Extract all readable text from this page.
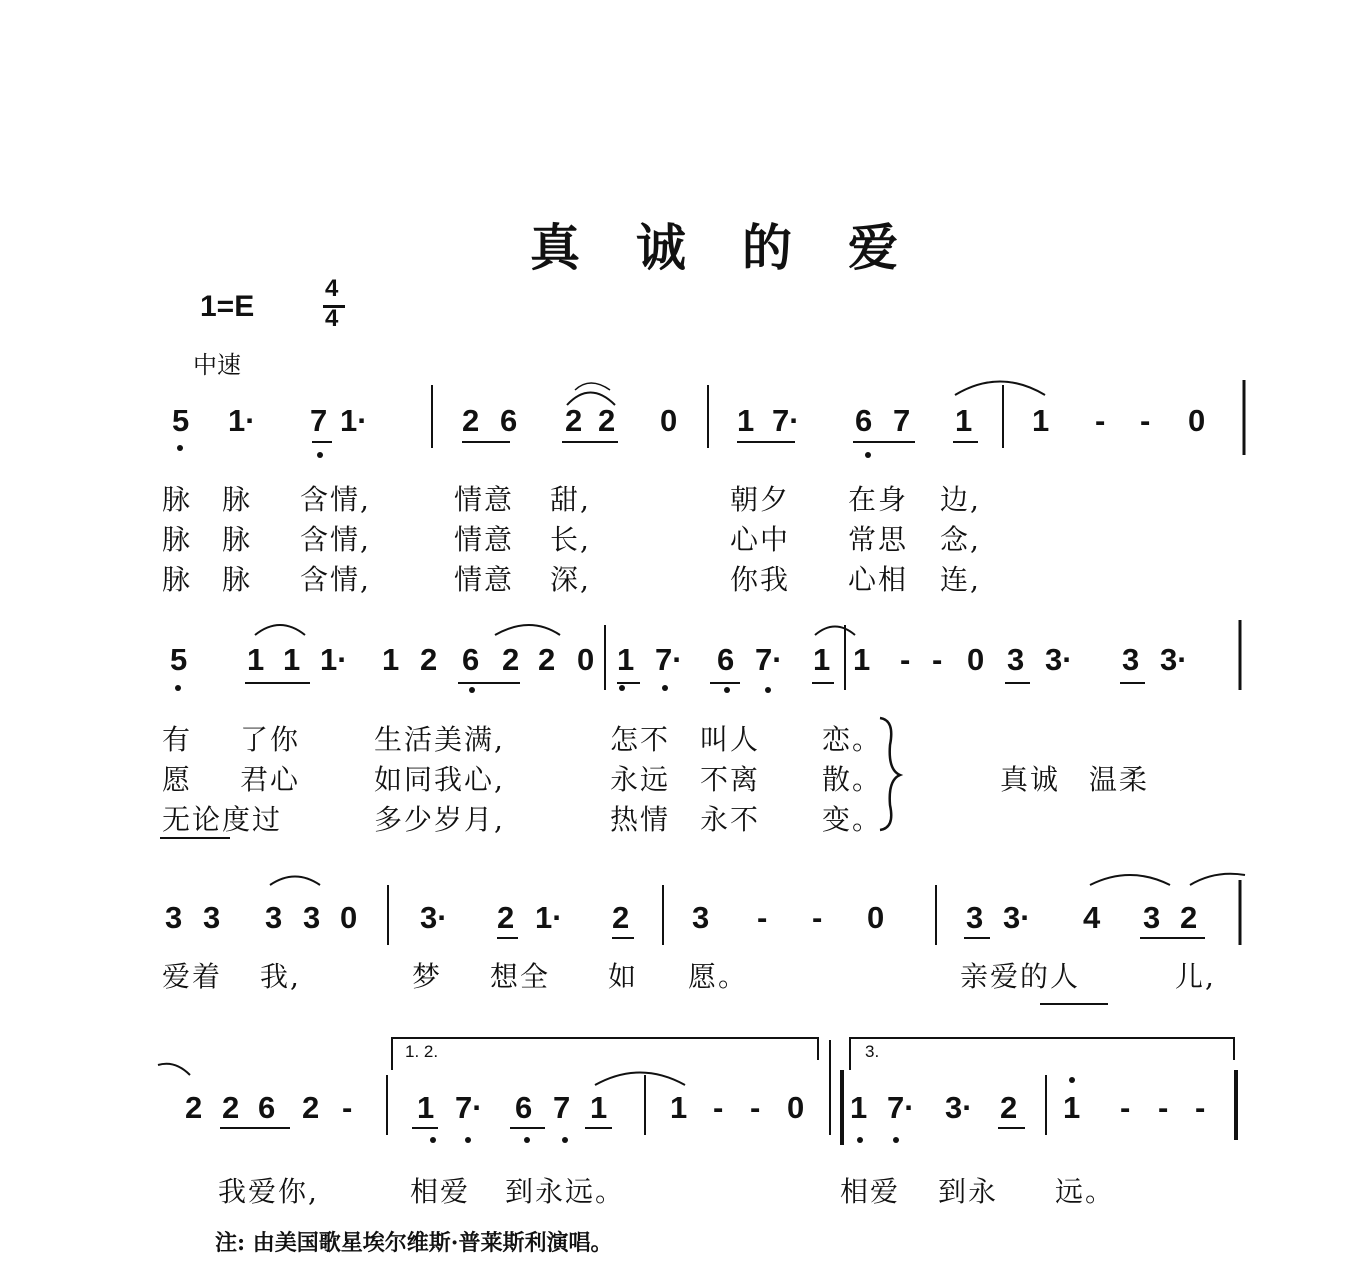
真诚的爱
1=E
4
4
中速
5 1· 7 1·	2 6 2 2 0 1 7· 6 7 1 1 - - 0
脉 脉 含情,	情意 甜,	朝夕 在身 边,
脉 脉 含情,	情意 长,	心中 常思 念,
脉 脉 含情,	情意 深,	你我 心相 连,
5 1 1 1· 1 2 6 2 2 0 1 7· 6 7· 1 1 - - 0 3 3· 3 3·
有 了你	生活美满,	怎不 叫人 恋。
愿 君心	如同我心,	永远 不离 散。
无论度过	多少岁月,	热情 永不 变。
真诚 温柔
3 3 3 3 0 3· 2 1· 2 3 - - 0	3 3· 4 3 2
爱着 我,	梦 想全 如 愿。	亲爱的人	儿,
1. 2.	3.
2 2 6 2 - 1 7· 6 7 1 1 - - 0 1 7· 3· 2 1 - - -
我爱你,	相爱 到永远。	相爱 到永 远。
注: 由美国歌星埃尔维斯·普莱斯利演唱。
